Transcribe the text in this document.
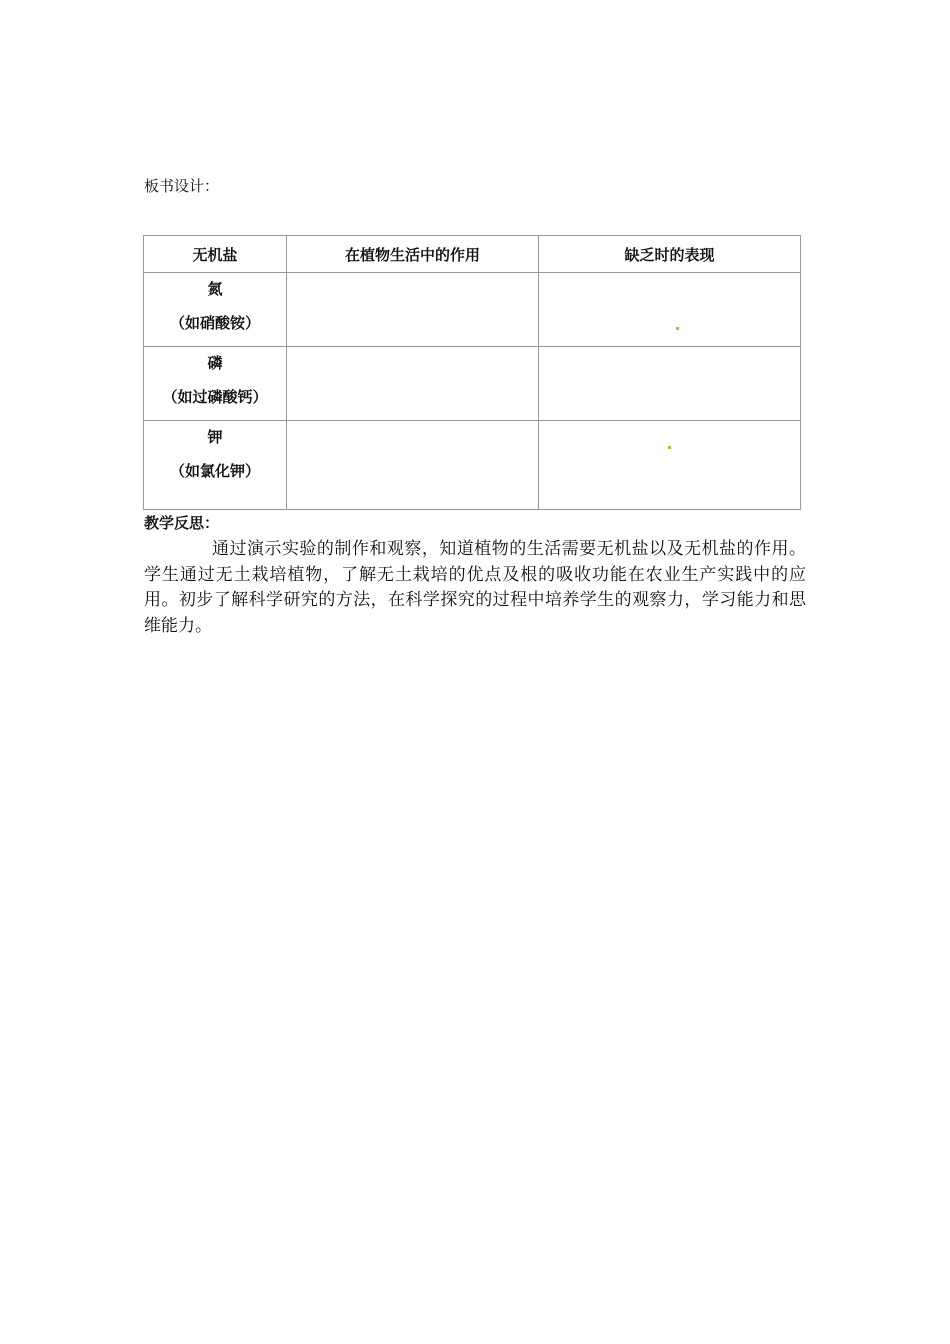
板书设计：
无机盐	在植物生活中的作用	缺乏时的表现

氮
（如硝酸铵）		

磷
（如过磷酸钙）		

钾
（如氯化钾）		

教学反思：

通过演示实验的制作和观察，知道植物的生活需要无机盐以及无机盐的作用。学生通过无土栽培植物，了解无土栽培的优点及根的吸收功能在农业生产实践中的应用。初步了解科学研究的方法，在科学探究的过程中培养学生的观察力，学习能力和思维能力。
